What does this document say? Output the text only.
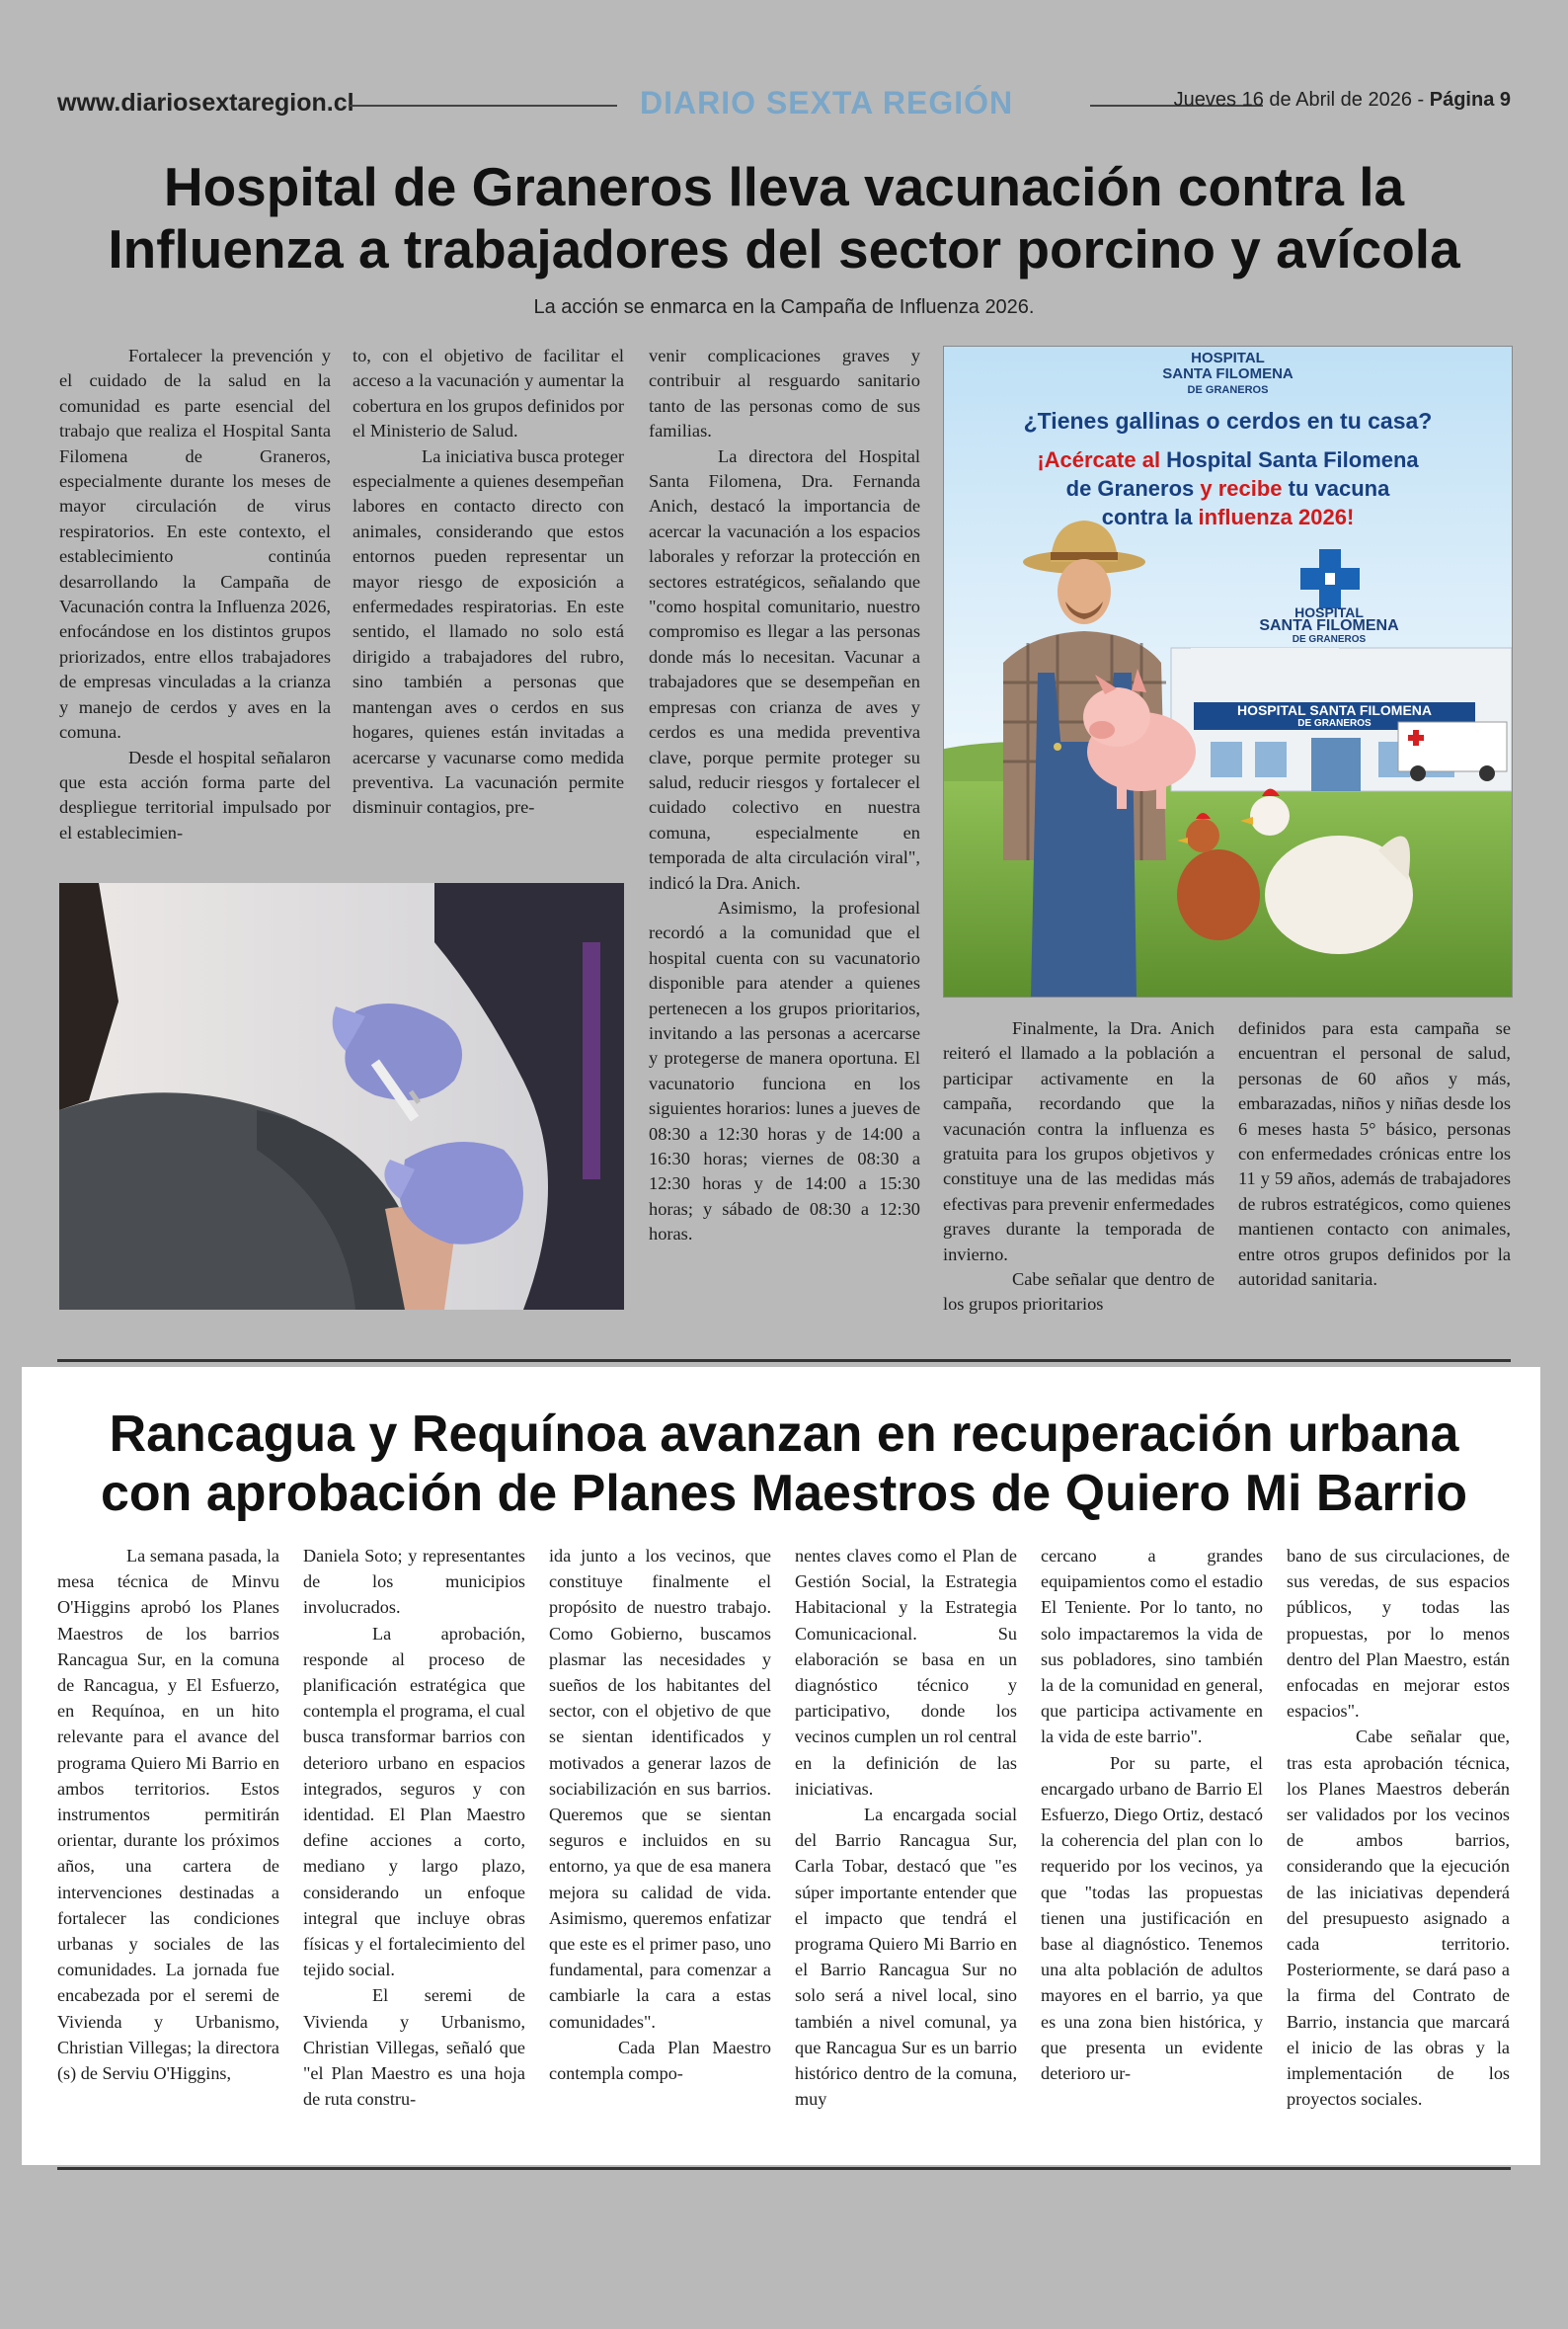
www.diariosextaregion.cl	DIARIO SEXTA REGIÓN	Jueves 16 de Abril de 2026 - Página 9
Hospital de Graneros lleva vacunación contra la
Influenza a trabajadores del sector porcino y avícola
La acción se enmarca en la Campaña de Influenza 2026.

Fortalecer la prevención y el cuidado de la salud en la comunidad es parte esencial del trabajo que realiza el Hospital Santa Filomena de Graneros, especialmente durante los meses de mayor circulación de virus respiratorios. En este contexto, el establecimiento continúa desarrollando la Campaña de Vacunación contra la Influenza 2026, enfocándose en los distintos grupos priorizados, entre ellos trabajadores de empresas vinculadas a la crianza y manejo de cerdos y aves en la comuna.

Desde el hospital señalaron que esta acción forma parte del despliegue territorial impulsado por el establecimien-

to, con el objetivo de facilitar el acceso a la vacunación y aumentar la cobertura en los grupos definidos por el Ministerio de Salud.

La iniciativa busca proteger especialmente a quienes desempeñan labores en contacto directo con animales, considerando que estos entornos pueden representar un mayor riesgo de exposición a enfermedades respiratorias. En este sentido, el llamado no solo está dirigido a trabajadores del rubro, sino también a personas que mantengan aves o cerdos en sus hogares, quienes están invitadas a acercarse y vacunarse como medida preventiva. La vacunación permite disminuir contagios, pre-

venir complicaciones graves y contribuir al resguardo sanitario tanto de las personas como de sus familias.

La directora del Hospital Santa Filomena, Dra. Fernanda Anich, destacó la importancia de acercar la vacunación a los espacios laborales y reforzar la protección en sectores estratégicos, señalando que "como hospital comunitario, nuestro compromiso es llegar a las personas donde más lo necesitan. Vacunar a trabajadores que se desempeñan en empresas con crianza de aves y cerdos es una medida preventiva clave, porque permite proteger su salud, reducir riesgos y fortalecer el cuidado colectivo en nuestra comuna, especialmente en temporada de alta circulación viral", indicó la Dra. Anich.

Asimismo, la profesional recordó a la comunidad que el hospital cuenta con su vacunatorio disponible para atender a quienes pertenecen a los grupos prioritarios, invitando a las personas a acercarse y protegerse de manera oportuna. El vacunatorio funciona en los siguientes horarios: lunes a jueves de 08:30 a 12:30 horas y de 14:00 a 16:30 horas; viernes de 08:30 a 12:30 horas y de 14:00 a 15:30 horas; y sábado de 08:30 a 12:30 horas.

Finalmente, la Dra. Anich reiteró el llamado a la población a participar activamente en la campaña, recordando que la vacunación contra la influenza es gratuita para los grupos objetivos y constituye una de las medidas más efectivas para prevenir enfermedades graves durante la temporada de invierno.

Cabe señalar que dentro de los grupos prioritarios

definidos para esta campaña se encuentran el personal de salud, personas de 60 años y más, embarazadas, niños y niñas desde los 6 meses hasta 5° básico, personas con enfermedades crónicas entre los 11 y 59 años, además de trabajadores de rubros estratégicos, como quienes mantienen contacto con animales, entre otros grupos definidos por la autoridad sanitaria.

HOSPITAL
SANTA FILOMENA
DE GRANEROS
¿Tienes gallinas o cerdos en tu casa?
¡Acércate al Hospital Santa Filomena
de Graneros y recibe tu vacuna
contra la influenza 2026!
HOSPITAL
SANTA FILOMENA
DE GRANEROS
HOSPITAL SANTA FILOMENA
DE GRANEROS
Rancagua y Requínoa avanzan en recuperación urbana
con aprobación de Planes Maestros de Quiero Mi Barrio

La semana pasada, la mesa técnica de Minvu O'Higgins aprobó los Planes Maestros de los barrios Rancagua Sur, en la comuna de Rancagua, y El Esfuerzo, en Requínoa, en un hito relevante para el avance del programa Quiero Mi Barrio en ambos territorios. Estos instrumentos permitirán orientar, durante los próximos años, una cartera de intervenciones destinadas a fortalecer las condiciones urbanas y sociales de las comunidades. La jornada fue encabezada por el seremi de Vivienda y Urbanismo, Christian Villegas; la directora (s) de Serviu O'Higgins,

Daniela Soto; y representantes de los municipios involucrados.

La aprobación, responde al proceso de planificación estratégica que contempla el programa, el cual busca transformar barrios con deterioro urbano en espacios integrados, seguros y con identidad. El Plan Maestro define acciones a corto, mediano y largo plazo, considerando un enfoque integral que incluye obras físicas y el fortalecimiento del tejido social.

El seremi de Vivienda y Urbanismo, Christian Villegas, señaló que "el Plan Maestro es una hoja de ruta constru-

ida junto a los vecinos, que constituye finalmente el propósito de nuestro trabajo. Como Gobierno, buscamos plasmar las necesidades y sueños de los habitantes del sector, con el objetivo de que se sientan identificados y motivados a generar lazos de sociabilización en sus barrios. Queremos que se sientan seguros e incluidos en su entorno, ya que de esa manera mejora su calidad de vida. Asimismo, queremos enfatizar que este es el primer paso, uno fundamental, para comenzar a cambiarle la cara a estas comunidades".

Cada Plan Maestro contempla compo-

nentes claves como el Plan de Gestión Social, la Estrategia Habitacional y la Estrategia Comunicacional. Su elaboración se basa en un diagnóstico técnico y participativo, donde los vecinos cumplen un rol central en la definición de las iniciativas.

La encargada social del Barrio Rancagua Sur, Carla Tobar, destacó que "es súper importante entender que el impacto que tendrá el programa Quiero Mi Barrio en el Barrio Rancagua Sur no solo será a nivel local, sino también a nivel comunal, ya que Rancagua Sur es un barrio histórico dentro de la comuna, muy

cercano a grandes equipamientos como el estadio El Teniente. Por lo tanto, no solo impactaremos la vida de sus pobladores, sino también la de la comunidad en general, que participa activamente en la vida de este barrio".

Por su parte, el encargado urbano de Barrio El Esfuerzo, Diego Ortiz, destacó la coherencia del plan con lo requerido por los vecinos, ya que "todas las propuestas tienen una justificación en base al diagnóstico. Tenemos una alta población de adultos mayores en el barrio, ya que es una zona bien histórica, y que presenta un evidente deterioro ur-

bano de sus circulaciones, de sus veredas, de sus espacios públicos, y todas las propuestas, por lo menos dentro del Plan Maestro, están enfocadas en mejorar estos espacios".

Cabe señalar que, tras esta aprobación técnica, los Planes Maestros deberán ser validados por los vecinos de ambos barrios, considerando que la ejecución de las iniciativas dependerá del presupuesto asignado a cada territorio. Posteriormente, se dará paso a la firma del Contrato de Barrio, instancia que marcará el inicio de las obras y la implementación de los proyectos sociales.
